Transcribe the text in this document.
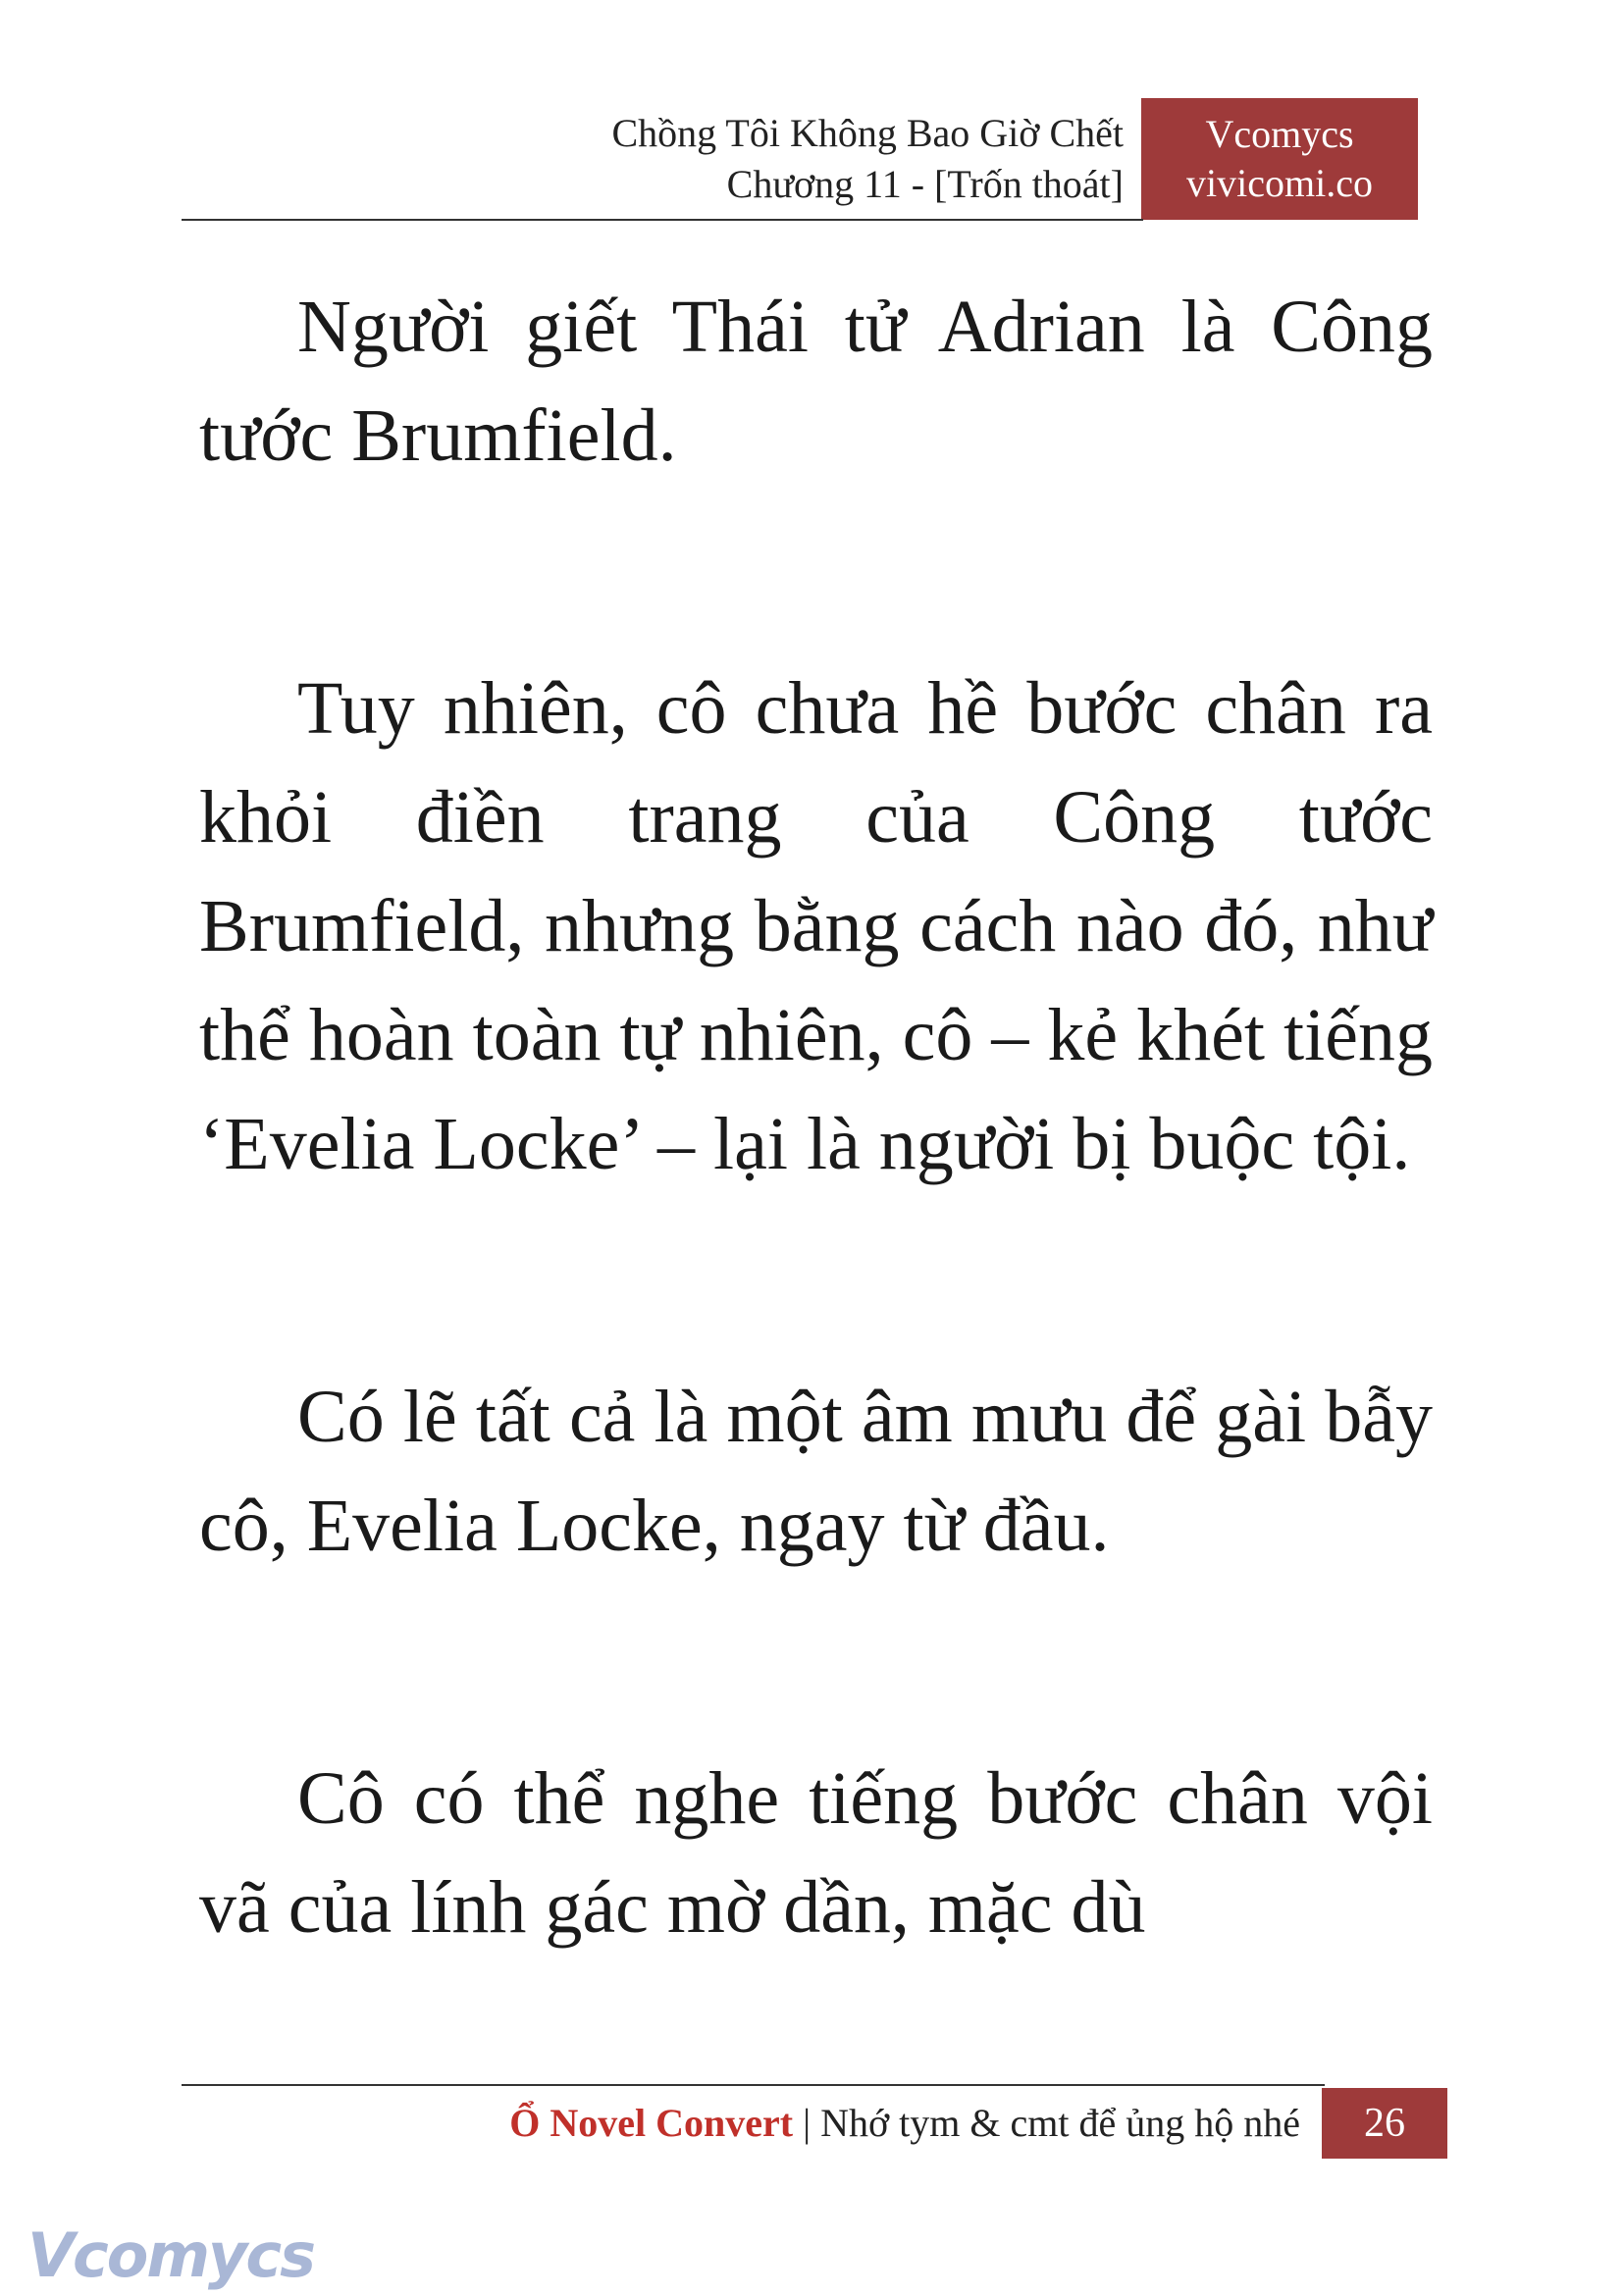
Chồng Tôi Không Bao Giờ Chết
Chương 11 - [Trốn thoát]
Vcomycs
vivicomi.co

Người giết Thái tử Adrian là Công tước Brumfield.

Tuy nhiên, cô chưa hề bước chân ra khỏi điền trang của Công tước Brumfield, nhưng bằng cách nào đó, như thể hoàn toàn tự nhiên, cô – kẻ khét tiếng ‘Evelia Locke’ – lại là người bị buộc tội.

Có lẽ tất cả là một âm mưu để gài bẫy cô, Evelia Locke, ngay từ đầu.

Cô có thể nghe tiếng bước chân vội vã của lính gác mờ dần, mặc dù

Ổ Novel Convert | Nhớ tym & cmt để ủng hộ nhé	26
Vcomycs
